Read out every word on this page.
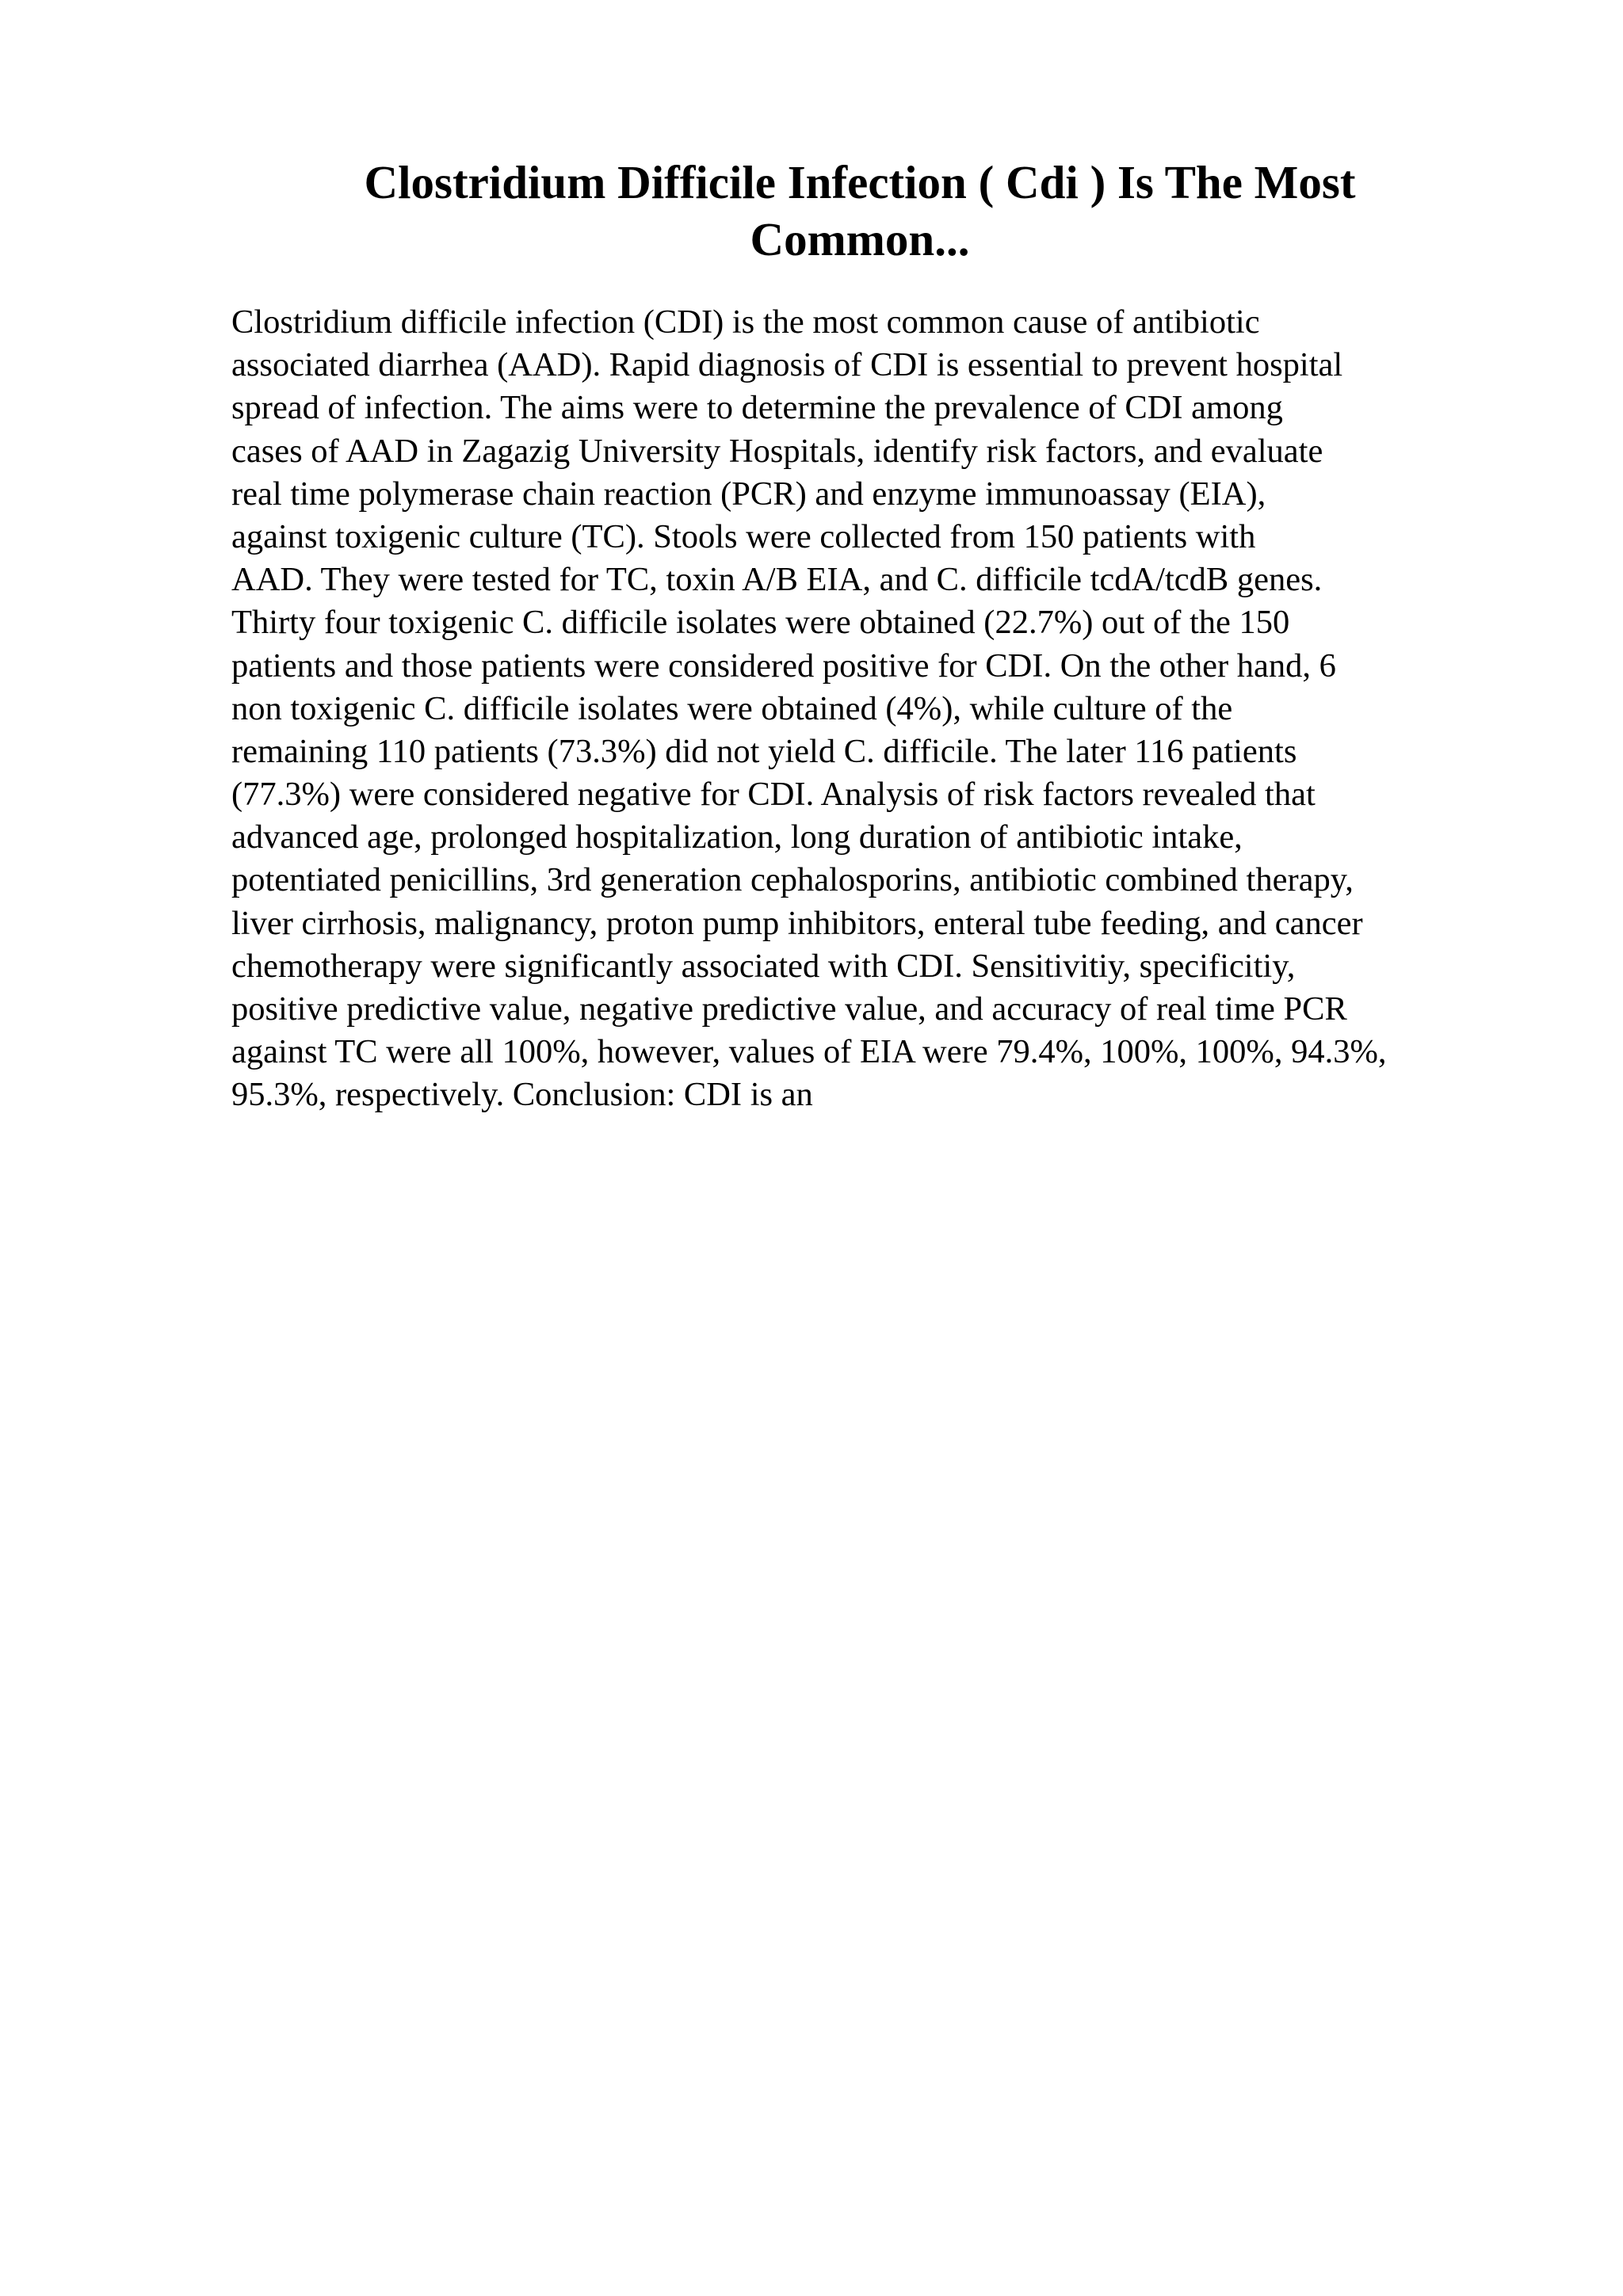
Clostridium Difficile Infection ( Cdi ) Is The Most
Common...
Clostridium difficile infection (CDI) is the most common cause of antibiotic
associated diarrhea (AAD). Rapid diagnosis of CDI is essential to prevent hospital
spread of infection. The aims were to determine the prevalence of CDI among
cases of AAD in Zagazig University Hospitals, identify risk factors, and evaluate
real time polymerase chain reaction (PCR) and enzyme immunoassay (EIA),
against toxigenic culture (TC). Stools were collected from 150 patients with
AAD. They were tested for TC, toxin A/B EIA, and C. difficile tcdA/tcdB genes.
Thirty four toxigenic C. difficile isolates were obtained (22.7%) out of the 150
patients and those patients were considered positive for CDI. On the other hand, 6
non toxigenic C. difficile isolates were obtained (4%), while culture of the
remaining 110 patients (73.3%) did not yield C. difficile. The later 116 patients
(77.3%) were considered negative for CDI. Analysis of risk factors revealed that
advanced age, prolonged hospitalization, long duration of antibiotic intake,
potentiated penicillins, 3rd generation cephalosporins, antibiotic combined therapy,
liver cirrhosis, malignancy, proton pump inhibitors, enteral tube feeding, and cancer
chemotherapy were significantly associated with CDI. Sensitivitiy, specificitiy,
positive predictive value, negative predictive value, and accuracy of real time PCR
against TC were all 100%, however, values of EIA were 79.4%, 100%, 100%, 94.3%,
95.3%, respectively. Conclusion: CDI is an
